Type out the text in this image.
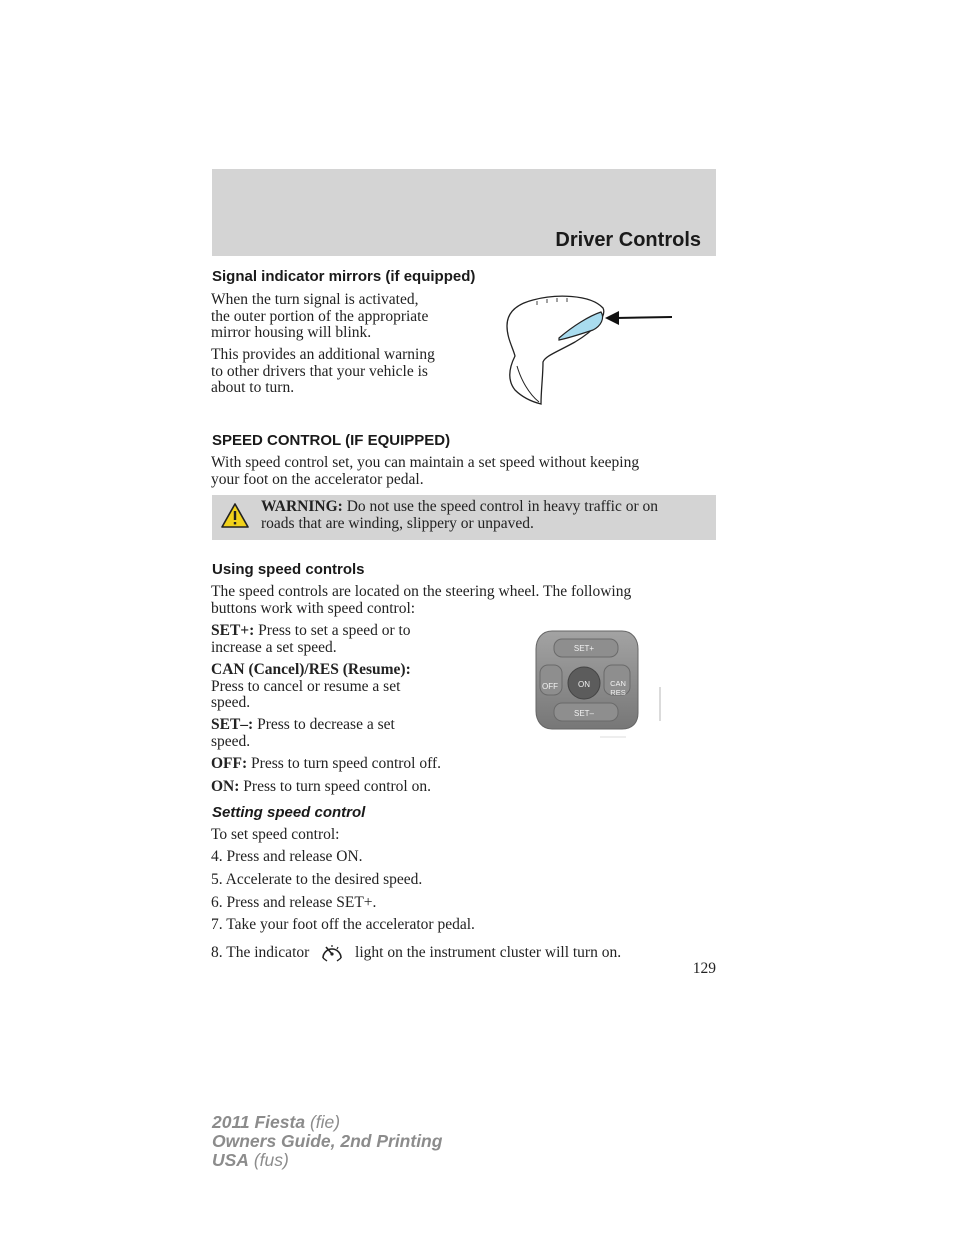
Driver Controls
Signal indicator mirrors (if equipped)
When the turn signal is activated,
the outer portion of the appropriate
mirror housing will blink.
This provides an additional warning
to other drivers that your vehicle is
about to turn.
SPEED CONTROL (IF EQUIPPED)
With speed control set, you can maintain a set speed without keeping
your foot on the accelerator pedal.
WARNING: Do not use the speed control in heavy traffic or on
roads that are winding, slippery or unpaved.
Using speed controls
The speed controls are located on the steering wheel. The following
buttons work with speed control:
SET+: Press to set a speed or to
increase a set speed.
CAN (Cancel)/RES (Resume):
Press to cancel or resume a set
speed.
SET–: Press to decrease a set
speed.
OFF: Press to turn speed control off.
ON: Press to turn speed control on.
SET+
OFF	ON	CAN
RES
SET–
Setting speed control
To set speed control:
4. Press and release ON.
5. Accelerate to the desired speed.
6. Press and release SET+.
7. Take your foot off the accelerator pedal.
8. The indicator	light on the instrument cluster will turn on.
129
2011 Fiesta (fie)
Owners Guide, 2nd Printing
USA (fus)
